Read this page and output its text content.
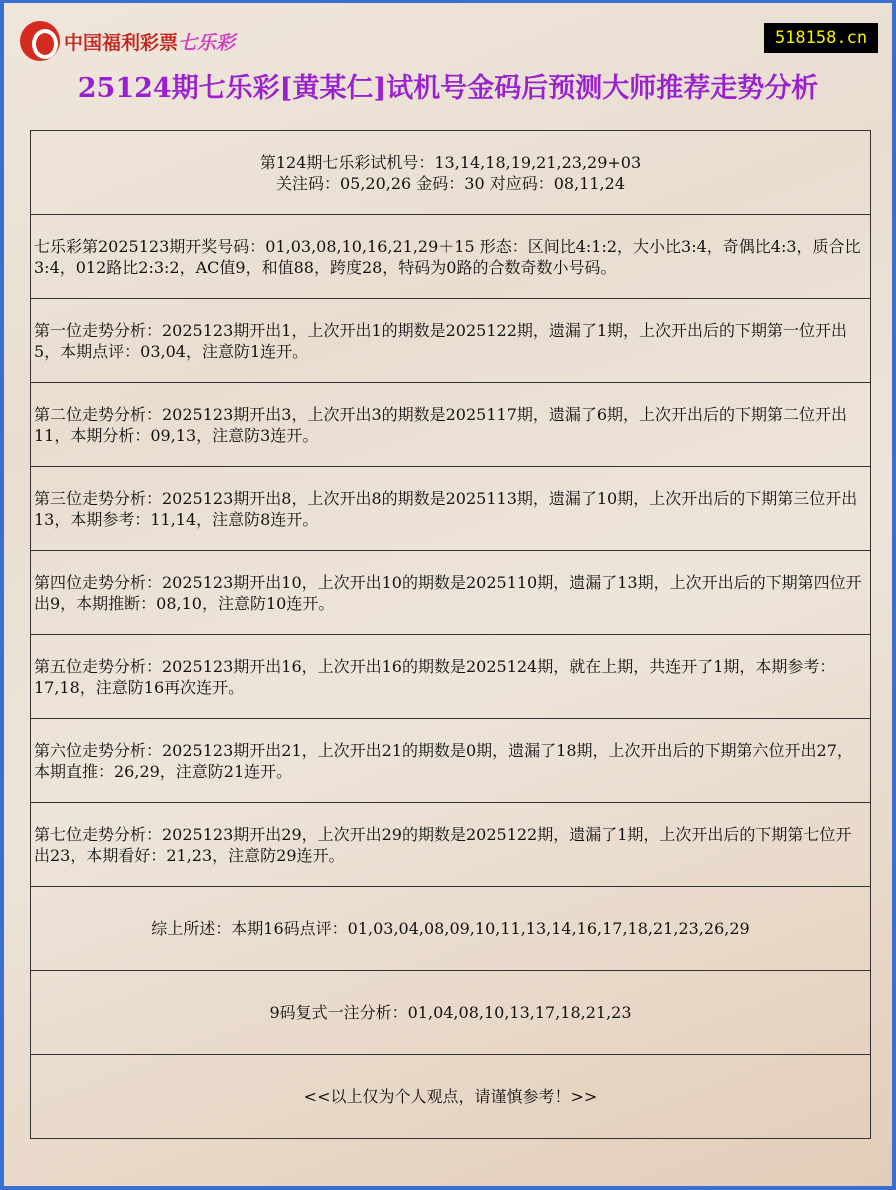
中国福利彩票七乐彩	518158.cn
25124期七乐彩[黄某仁]试机号金码后预测大师推荐走势分析
第124期七乐彩试机号：13,14,18,19,21,23,29+03
关注码：05,20,26 金码：30 对应码：08,11,24

七乐彩第2025123期开奖号码：01,03,08,10,16,21,29＋15 形态：区间比4:1:2，大小比3:4，奇偶比4:3，质合比3:4，012路比2:3:2，AC值9，和值88，跨度28，特码为0路的合数奇数小号码。
第一位走势分析：2025123期开出1，上次开出1的期数是2025122期，遗漏了1期，上次开出后的下期第一位开出5，本期点评：03,04，注意防1连开。
第二位走势分析：2025123期开出3，上次开出3的期数是2025117期，遗漏了6期，上次开出后的下期第二位开出11，本期分析：09,13，注意防3连开。
第三位走势分析：2025123期开出8，上次开出8的期数是2025113期，遗漏了10期，上次开出后的下期第三位开出13，本期参考：11,14，注意防8连开。
第四位走势分析：2025123期开出10，上次开出10的期数是2025110期，遗漏了13期，上次开出后的下期第四位开出9，本期推断：08,10，注意防10连开。
第五位走势分析：2025123期开出16，上次开出16的期数是2025124期，就在上期，共连开了1期，本期参考：17,18，注意防16再次连开。
第六位走势分析：2025123期开出21，上次开出21的期数是0期，遗漏了18期，上次开出后的下期第六位开出27，本期直推：26,29，注意防21连开。
第七位走势分析：2025123期开出29，上次开出29的期数是2025122期，遗漏了1期，上次开出后的下期第七位开出23，本期看好：21,23，注意防29连开。
综上所述：本期16码点评：01,03,04,08,09,10,11,13,14,16,17,18,21,23,26,29
9码复式一注分析：01,04,08,10,13,17,18,21,23
<<以上仅为个人观点，请谨慎参考！>>
